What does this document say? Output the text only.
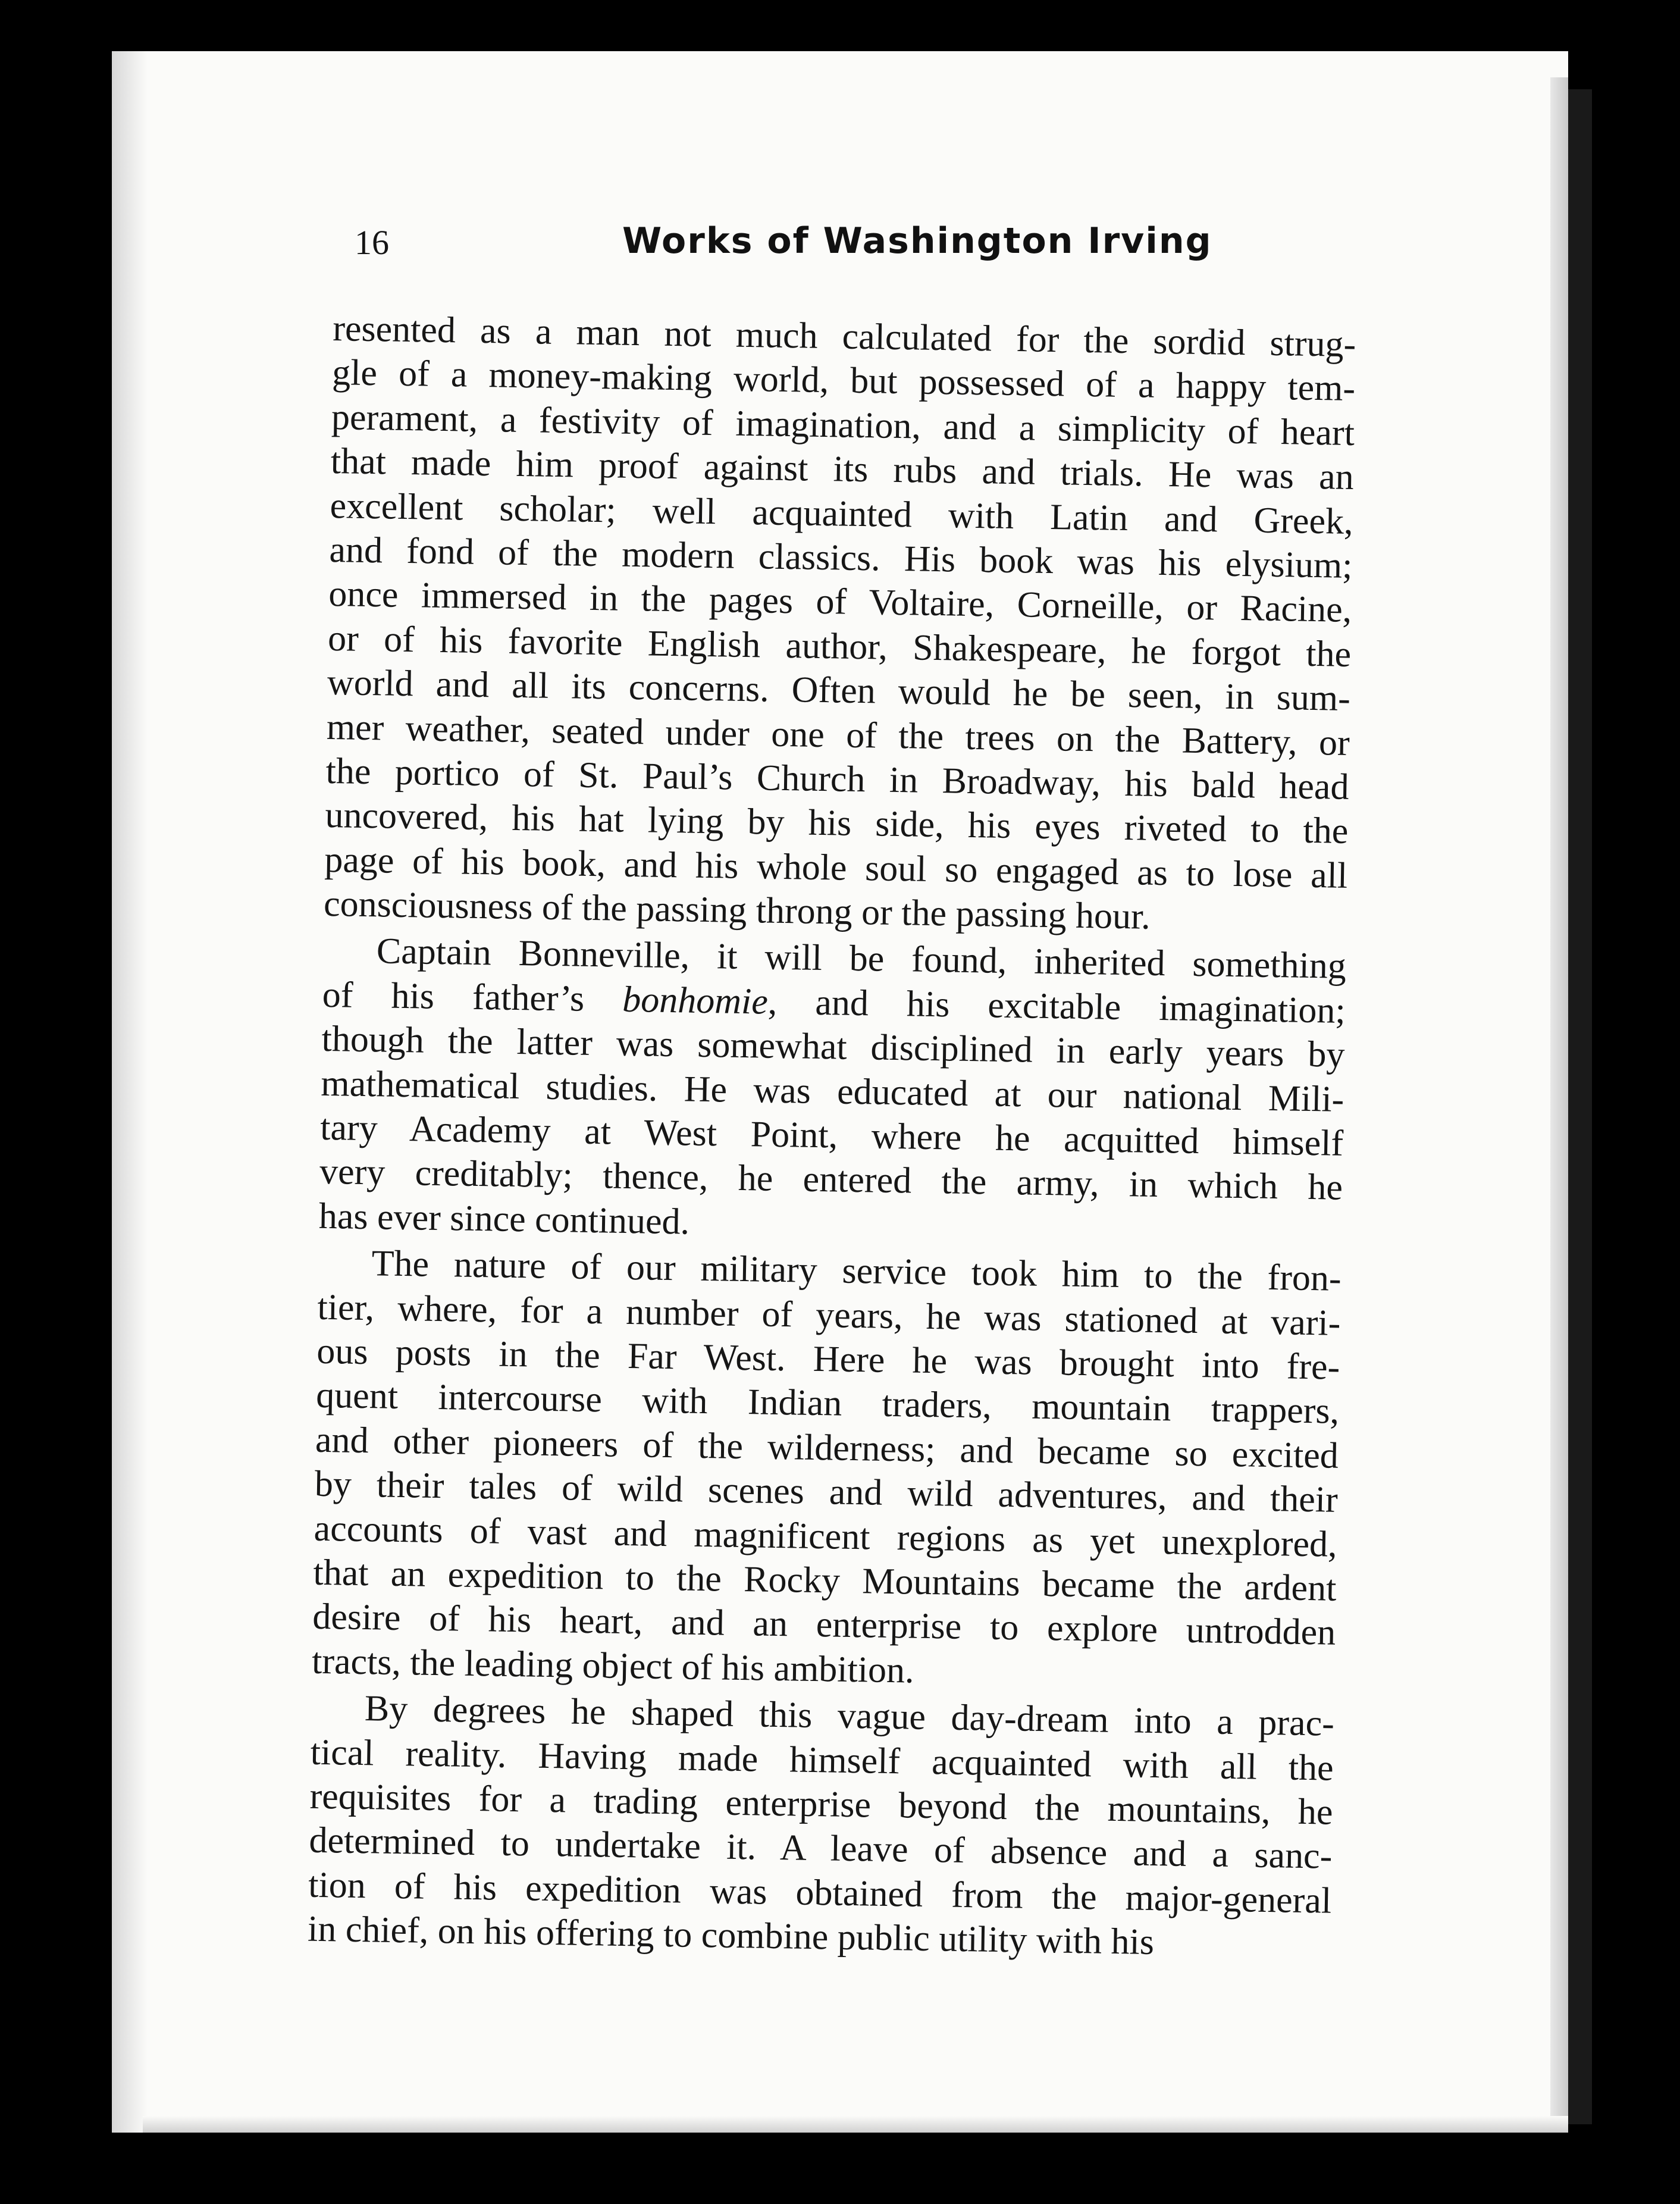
16	Works of Washington Irving
resented as a man not much calculated for the sordid strug-
gle of a money-making world, but possessed of a happy tem-
perament, a festivity of imagination, and a simplicity of heart
that made him proof against its rubs and trials. He was an
excellent scholar; well acquainted with Latin and Greek,
and fond of the modern classics. His book was his elysium;
once immersed in the pages of Voltaire, Corneille, or Racine,
or of his favorite English author, Shakespeare, he forgot the
world and all its concerns. Often would he be seen, in sum-
mer weather, seated under one of the trees on the Battery, or
the portico of St. Paul’s Church in Broadway, his bald head
uncovered, his hat lying by his side, his eyes riveted to the
page of his book, and his whole soul so engaged as to lose all
consciousness of the passing throng or the passing hour.
Captain Bonneville, it will be found, inherited something
of his father’s bonhomie, and his excitable imagination;
though the latter was somewhat disciplined in early years by
mathematical studies. He was educated at our national Mili-
tary Academy at West Point, where he acquitted himself
very creditably; thence, he entered the army, in which he
has ever since continued.
The nature of our military service took him to the fron-
tier, where, for a number of years, he was stationed at vari-
ous posts in the Far West. Here he was brought into fre-
quent intercourse with Indian traders, mountain trappers,
and other pioneers of the wilderness; and became so excited
by their tales of wild scenes and wild adventures, and their
accounts of vast and magnificent regions as yet unexplored,
that an expedition to the Rocky Mountains became the ardent
desire of his heart, and an enterprise to explore untrodden
tracts, the leading object of his ambition.
By degrees he shaped this vague day-dream into a prac-
tical reality. Having made himself acquainted with all the
requisites for a trading enterprise beyond the mountains, he
determined to undertake it. A leave of absence and a sanc-
tion of his expedition was obtained from the major-general
in chief, on his offering to combine public utility with his
